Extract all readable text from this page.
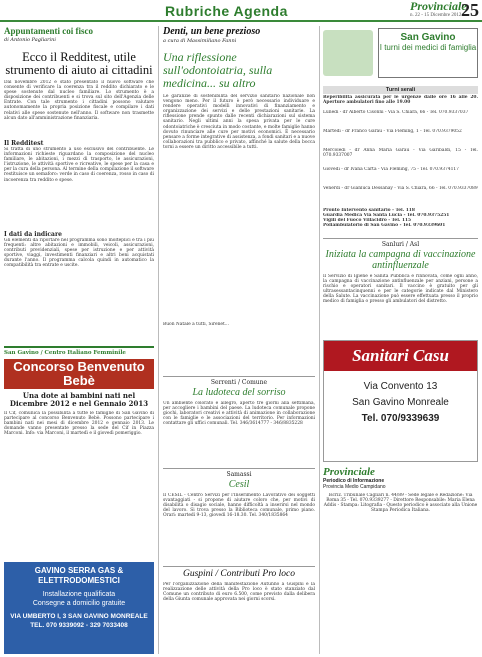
Rubriche Agenda	Provinciale
n. 22 - 15 Dicembre 2012 25
Appuntamenti coi fisco
di Antonio Pagliarini
Ecco il Redditest, utile strumento di aiuto ai cittadini
Dal novembre 2012 è stato presentato il nuovo software che consente di verificare la coerenza tra il reddito dichiarato e le spese sostenute dal nucleo familiare. Lo strumento è a disposizione dei contribuenti e si trova sul sito dell'Agenzia delle Entrate. Con tale strumento i cittadini possono valutare autonomamente la propria posizione fiscale e compilare i dati relativi alle spese sostenute nell'anno. Il software non trasmette alcun dato all'amministrazione finanziaria.
Il Redditest
Si tratta di uno strumento a uso esclusivo del contribuente. Le informazioni richieste riguardano la composizione del nucleo familiare, le abitazioni, i mezzi di trasporto, le assicurazioni, l'istruzione, le attività sportive e ricreative, le spese per la casa e per la cura della persona. Al termine della compilazione il software restituisce un semaforo: verde in caso di coerenza, rosso in caso di incoerenza tra reddito e spese.
I dati da indicare
Gli elementi da riportare nel programma sono molteplici e tra i più frequenti: altre abitazioni e immobili, veicoli, assicurazioni, contributi previdenziali, spese per istruzione e per attività sportive, viaggi, investimenti finanziari e altri beni acquistati durante l'anno. Il programma calcola quindi in automatico la compatibilità tra entrate e uscite.
San Gavino / Centro Italiano Femminile
Concorso Benvenuto Bebè
Una dote ai bambini nati nel Dicembre 2012 e nel Gennaio 2013
Il Cif, comunica la possibilità a tutte le famiglie di San Gavino di partecipare al concorso Benvenuto Bebè. Possono partecipare i bambini nati nei mesi di dicembre 2012 e gennaio 2013. Le domande vanno presentate presso la sede del Cif in Piazza Marconi. Info: via Marconi, il martedì e il giovedì pomeriggio.
GAVINO SERRA GAS & ELETTRODOMESTICI
Installazione qualificata
Consegne a domicilio gratuite
VIA UMBERTO I, 3 SAN GAVINO MONREALE
TEL. 070 9339092 - 329 7033408
Denti, un bene prezioso
a cura di Massimiliano Fanni
Una riflessione sull'odontoiatria, sulla medicina... su altro
Le garanzie di sostenibilità del servizio sanitario nazionale non vengono meno. Per il futuro è però necessario individuare e rendere operativi modelli innovativi di finanziamento e organizzazione dei servizi e delle prestazioni sanitarie. La riflessione prende spunto dalle recenti dichiarazioni sul sistema sanitario. Negli ultimi anni la spesa privata per le cure odontoiatriche è cresciuta in modo costante, e molte famiglie hanno dovuto rinunciare alle cure per motivi economici. È necessario pensare a forme integrative di assistenza, a fondi sanitari e a nuove collaborazioni tra pubblico e privato, affinché la salute della bocca torni a essere un diritto accessibile a tutti.
Buon Natale a tutti, Sirenet...
Serrenti / Comune
La ludoteca del sorriso
Un ambiente colorato e allegro, aperto tre giorni alla settimana, per accogliere i bambini del paese. La ludoteca comunale propone giochi, laboratori creativi e attività di animazione in collaborazione con le famiglie e le associazioni del territorio. Per informazioni contattare gli uffici comunali. Tel. 346/3614777 - 346/8835228
Samassi
Cesil
Il CESIL - Centro Servizi per l'Inserimento Lavorativo dei soggetti svantaggiati - si propone di aiutare coloro che, per motivi di disabilità o disagio sociale, hanno difficoltà a inserirsi nel mondo del lavoro. Si trova presso la Biblioteca comunale, primo piano. Orari: martedì 9-13, giovedì 16-18.30. Tel. 340/1835864
Guspini / Contributi Pro loco
Per l'organizzazione della manifestazione Autunno a Guspini e la realizzazione delle attività della Pro loco è stato stanziato dal Comune un contributo di euro 6.500, come previsto dalla delibera della Giunta comunale approvata nei giorni scorsi.
San Gavino
I turni dei medici di famiglia
Turni serali
Reperibilità assicurata per le urgenze dalle ore 16 alle 20. Aperture ambulatori fino alle 19.00
Lunedì - dr Alberto Cisonni - Via S. Chiara, 66 - Tel. 070.9337037
Martedì - dr Franco Garau - Via Fleming, 1 - Tel. 070.9379052
Mercoledì - dr Anna Maria Garau - Via Garibaldi, 15 - Tel. 070.9337007
Giovedì - dr Ivana Carta - Via Fleming, 75 - Tel. 070.9374117
Venerdì - dr Gianluca Dessanay - Via S. Chiara, 66 - Tel. 070.9337089
Pronto Intervento sanitario - Tel. 118
Guardia Medica Via Santa Lucia - Tel. 070.9375251
Vigili del Fuoco Villacidro - Tel. 115
Poliambulatorio di San Gavino - Tel. 070.9339601
Sanluri / Asl
Iniziata la campagna di vaccinazione antinfluenzale
Il Servizio di Igiene e Sanità Pubblica è rinnovata, come ogni anno, la campagna di vaccinazione antinfluenzale per anziani, persone a rischio e operatori sanitari. Il vaccino è gratuito per gli ultrasessantacinquenni e per le categorie indicate dal Ministero della Salute. La vaccinazione può essere effettuata presso il proprio medico di famiglia o presso gli ambulatori del distretto.
Sanitari Casu
Via Convento 13
San Gavino Monreale
Tel. 070/9339639
Provinciale
Periodico di Informazione
Provincia Medio Campidano
Iscriz. Tribunale Cagliari n. 44/89 - Sede legale e Redazione: Via Roma 35 - Tel. 070.9339277 - Direttore Responsabile: Maria Elena Addis - Stampa: Litografia - Questo periodico è associato alla Unione Stampa Periodica Italiana.
